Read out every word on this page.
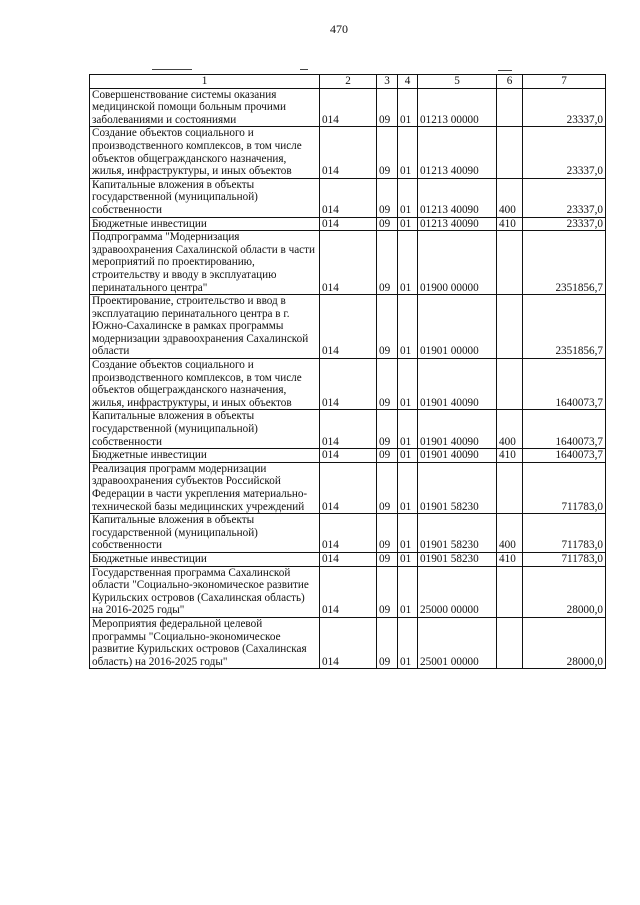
470
1	2	3	4	5	6	7
Совершенствование системы оказания медицинской помощи больным прочими заболеваниями и состояниями	014	09	01	01213 00000		23337,0
Создание объектов социального и производственного комплексов, в том числе объектов общегражданского назначения, жилья, инфраструктуры, и иных объектов	014	09	01	01213 40090		23337,0
Капитальные вложения в объекты государственной (муниципальной) собственности	014	09	01	01213 40090	400	23337,0
Бюджетные инвестиции	014	09	01	01213 40090	410	23337,0
Подпрограмма "Модернизация здравоохранения Сахалинской области в части мероприятий по проектированию, строительству и вводу в эксплуатацию перинатального центра"	014	09	01	01900 00000		2351856,7
Проектирование, строительство и ввод в эксплуатацию перинатального центра в г. Южно-Сахалинске в рамках программы модернизации здравоохранения Сахалинской области	014	09	01	01901 00000		2351856,7
Создание объектов социального и производственного комплексов, в том числе объектов общегражданского назначения, жилья, инфраструктуры, и иных объектов	014	09	01	01901 40090		1640073,7
Капитальные вложения в объекты государственной (муниципальной) собственности	014	09	01	01901 40090	400	1640073,7
Бюджетные инвестиции	014	09	01	01901 40090	410	1640073,7
Реализация программ модернизации здравоохранения субъектов Российской Федерации в части укрепления материально-технической базы медицинских учреждений	014	09	01	01901 58230		711783,0
Капитальные вложения в объекты государственной (муниципальной) собственности	014	09	01	01901 58230	400	711783,0
Бюджетные инвестиции	014	09	01	01901 58230	410	711783,0
Государственная программа Сахалинской области "Социально-экономическое развитие Курильских островов (Сахалинская область) на 2016-2025 годы"	014	09	01	25000 00000		28000,0
Мероприятия федеральной целевой программы "Социально-экономическое развитие Курильских островов (Сахалинская область) на 2016-2025 годы"	014	09	01	25001 00000		28000,0
